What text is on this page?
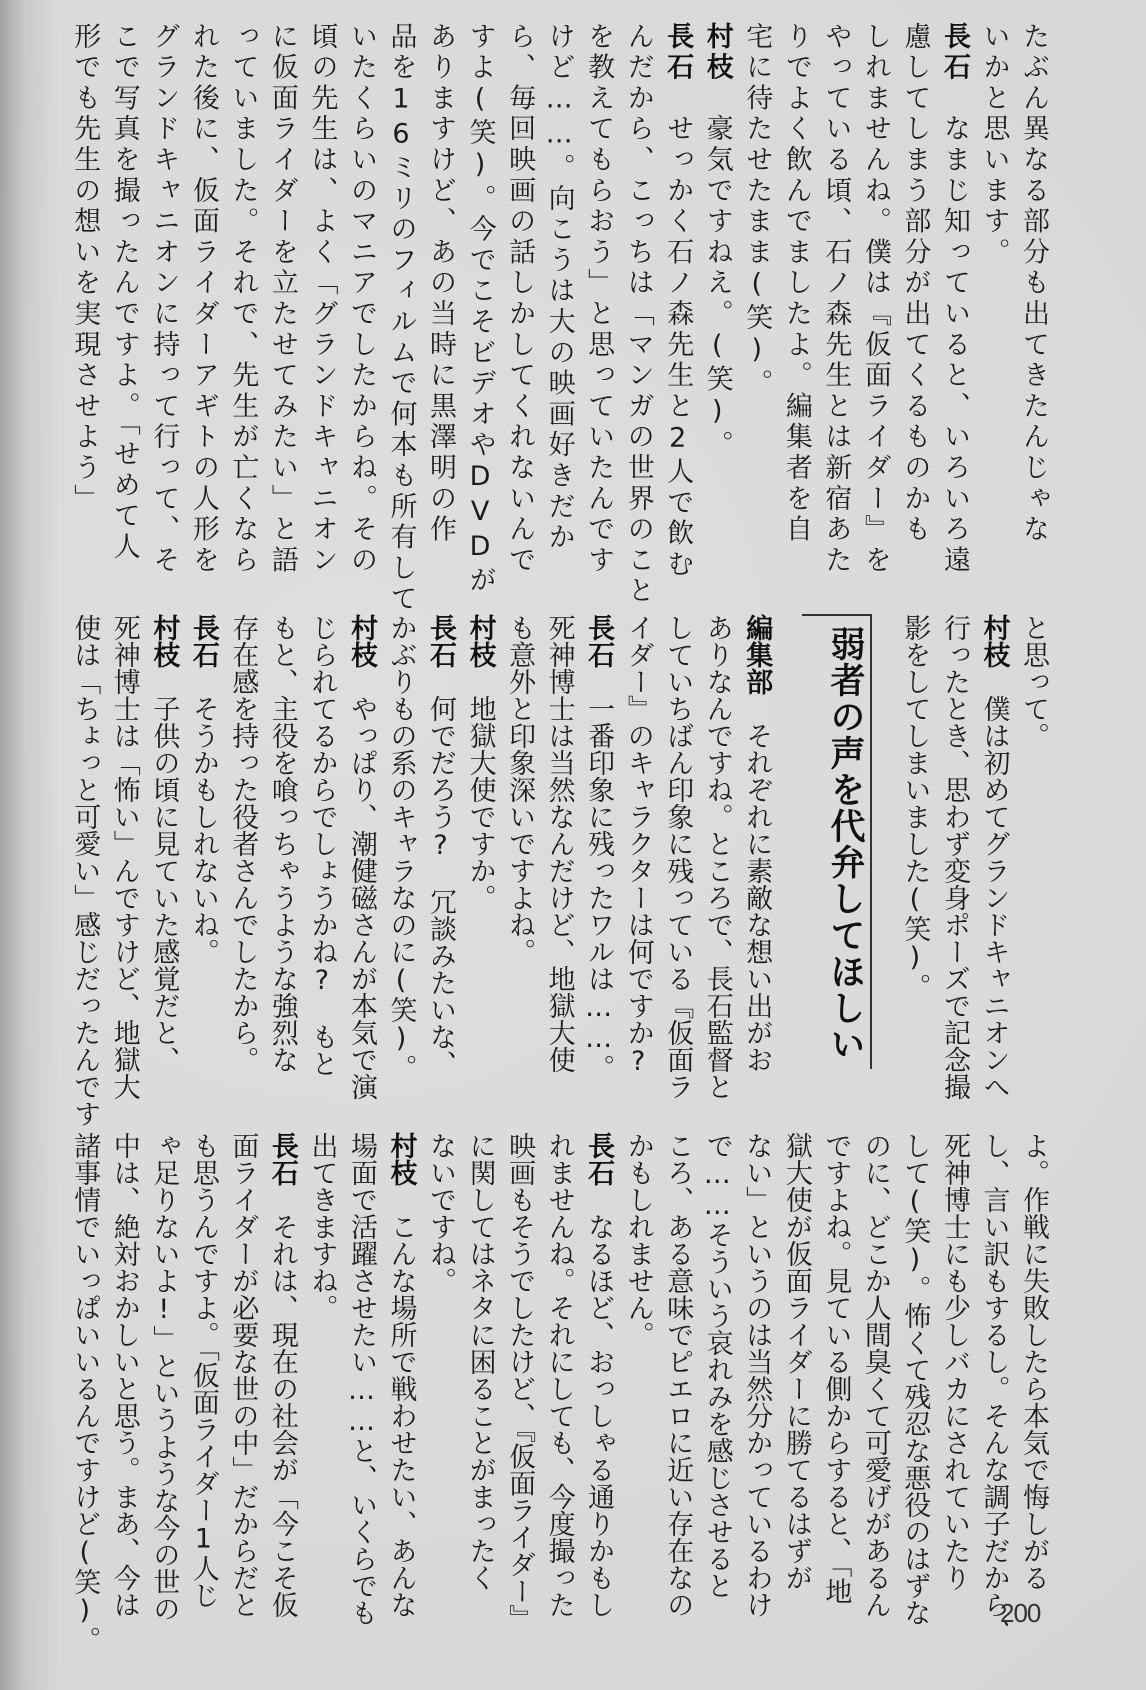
たぶん異なる部分も出てきたんじゃな
いかと思います。
長石　なまじ知っていると、いろいろ遠
慮してしまう部分が出てくるものかも
しれませんね。僕は『仮面ライダー』を
やっている頃、石ノ森先生とは新宿あた
りでよく飲んでましたよ。編集者を自
宅に待たせたまま(笑)。
村枝　豪気ですねえ。(笑)。
長石　せっかく石ノ森先生と2人で飲む
んだから、こっちは「マンガの世界のこと
を教えてもらおう」と思っていたんです
けど……。向こうは大の映画好きだか
ら、毎回映画の話しかしてくれないんで
すよ(笑)。今でこそビデオやDVDが
ありますけど、あの当時に黒澤明の作
品を16ミリのフィルムで何本も所有して
いたくらいのマニアでしたからね。その
頃の先生は、よく「グランドキャニオン
に仮面ライダーを立たせてみたい」と語
っていました。それで、先生が亡くなら
れた後に、仮面ライダーアギトの人形を
グランドキャニオンに持って行って、そ
こで写真を撮ったんですよ。「せめて人
形でも先生の想いを実現させよう」
と思って。
村枝　僕は初めてグランドキャニオンへ
行ったとき、思わず変身ポーズで記念撮
影をしてしまいました(笑)。
編集部　それぞれに素敵な想い出がお
ありなんですね。ところで、長石監督と
していちばん印象に残っている『仮面ラ
イダー』のキャラクターは何ですか?
長石　一番印象に残ったワルは……。
死神博士は当然なんだけど、地獄大使
も意外と印象深いですよね。
村枝　地獄大使ですか。
長石　何でだろう?　冗談みたいな、
かぶりもの系のキャラなのに(笑)。
村枝　やっぱり、潮健磁さんが本気で演
じられてるからでしょうかね?　もと
もと、主役を喰っちゃうような強烈な
存在感を持った役者さんでしたから。
長石　そうかもしれないね。
村枝　子供の頃に見ていた感覚だと、
死神博士は「怖い」んですけど、地獄大
使は「ちょっと可愛い」感じだったんです
よ。作戦に失敗したら本気で悔しがる
し、言い訳もするし。そんな調子だから、
死神博士にも少しバカにされていたり
して(笑)。怖くて残忍な悪役のはずな
のに、どこか人間臭くて可愛げがあるん
ですよね。見ている側からすると、「地
獄大使が仮面ライダーに勝てるはずが
ない」というのは当然分かっているわけ
で……そういう哀れみを感じさせると
ころ、ある意味でピエロに近い存在なの
かもしれません。
長石　なるほど、おっしゃる通りかもし
れませんね。それにしても、今度撮った
映画もそうでしたけど、『仮面ライダー』
に関してはネタに困ることがまったく
ないですね。
村枝　こんな場所で戦わせたい、あんな
場面で活躍させたい……と、いくらでも
出てきますね。
長石　それは、現在の社会が「今こそ仮
面ライダーが必要な世の中」だからだと
も思うんですよ。「仮面ライダー1人じ
ゃ足りないよ!」というような今の世の
中は、絶対おかしいと思う。まあ、今は
諸事情でいっぱいいるんですけど(笑)。
弱者の声を代弁してほしい
200
